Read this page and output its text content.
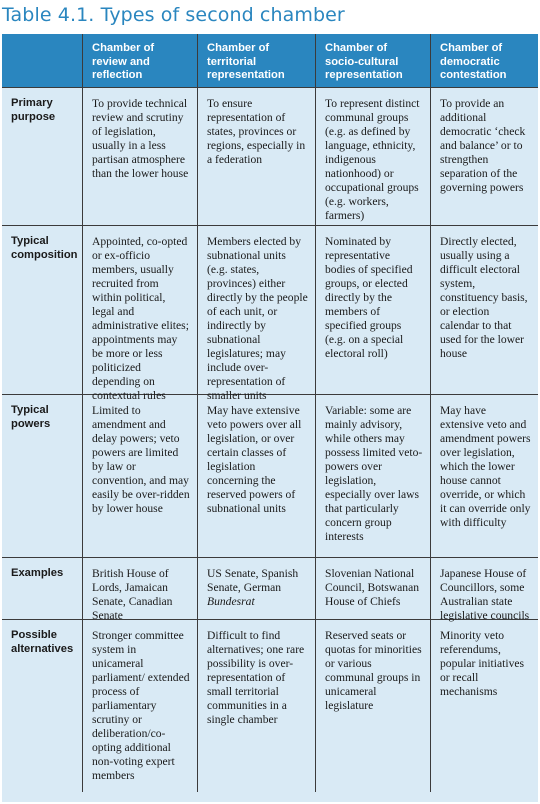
Table 4.1. Types of second chamber
Chamber of review and reflection
Chamber of territorial representation
Chamber of socio-cultural representation
Chamber of democratic contestation
Primary purpose
To provide technical review and scrutiny of legislation, usually in a less partisan atmosphere than the lower house
To ensure representation of states, provinces or regions, especially in a federation
To represent distinct communal groups (e.g. as defined by language, ethnicity, indigenous nationhood) or occupational groups (e.g. workers, farmers)
To provide an additional democratic ‘check and balance’ or to strengthen separation of the governing powers
Typical composition
Appointed, co-opted or ex-officio members, usually recruited from within political, legal and administrative elites; appointments may be more or less politicized depending on contextual rules
Members elected by subnational units (e.g. states, provinces) either directly by the people of each unit, or indirectly by subnational legislatures; may include over-representation of smaller units
Nominated by representative bodies of specified groups, or elected directly by the members of specified groups (e.g. on a special electoral roll)
Directly elected, usually using a difficult electoral system, constituency basis, or election calendar to that used for the lower house
Typical powers
Limited to amendment and delay powers; veto powers are limited by law or convention, and may easily be over-ridden by lower house
May have extensive veto powers over all legislation, or over certain classes of legislation concerning the reserved powers of subnational units
Variable: some are mainly advisory, while others may possess limited veto-powers over legislation, especially over laws that particularly concern group interests
May have extensive veto and amendment powers over legislation, which the lower house cannot override, or which it can override only with difficulty
Examples	British House of Lords, Jamaican Senate, Canadian Senate
US Senate, Spanish Senate, German Bundesrat
Slovenian National Council, Botswanan House of Chiefs
Japanese House of Councillors, some Australian state legislative councils
Possible alternatives
Stronger committee system in unicameral parliament/ extended process of parliamentary scrutiny or deliberation/co-opting additional non-voting expert members
Difficult to find alternatives; one rare possibility is over-representation of small territorial communities in a single chamber
Reserved seats or quotas for minorities or various communal groups in unicameral legislature
Minority veto referendums, popular initiatives or recall mechanisms
